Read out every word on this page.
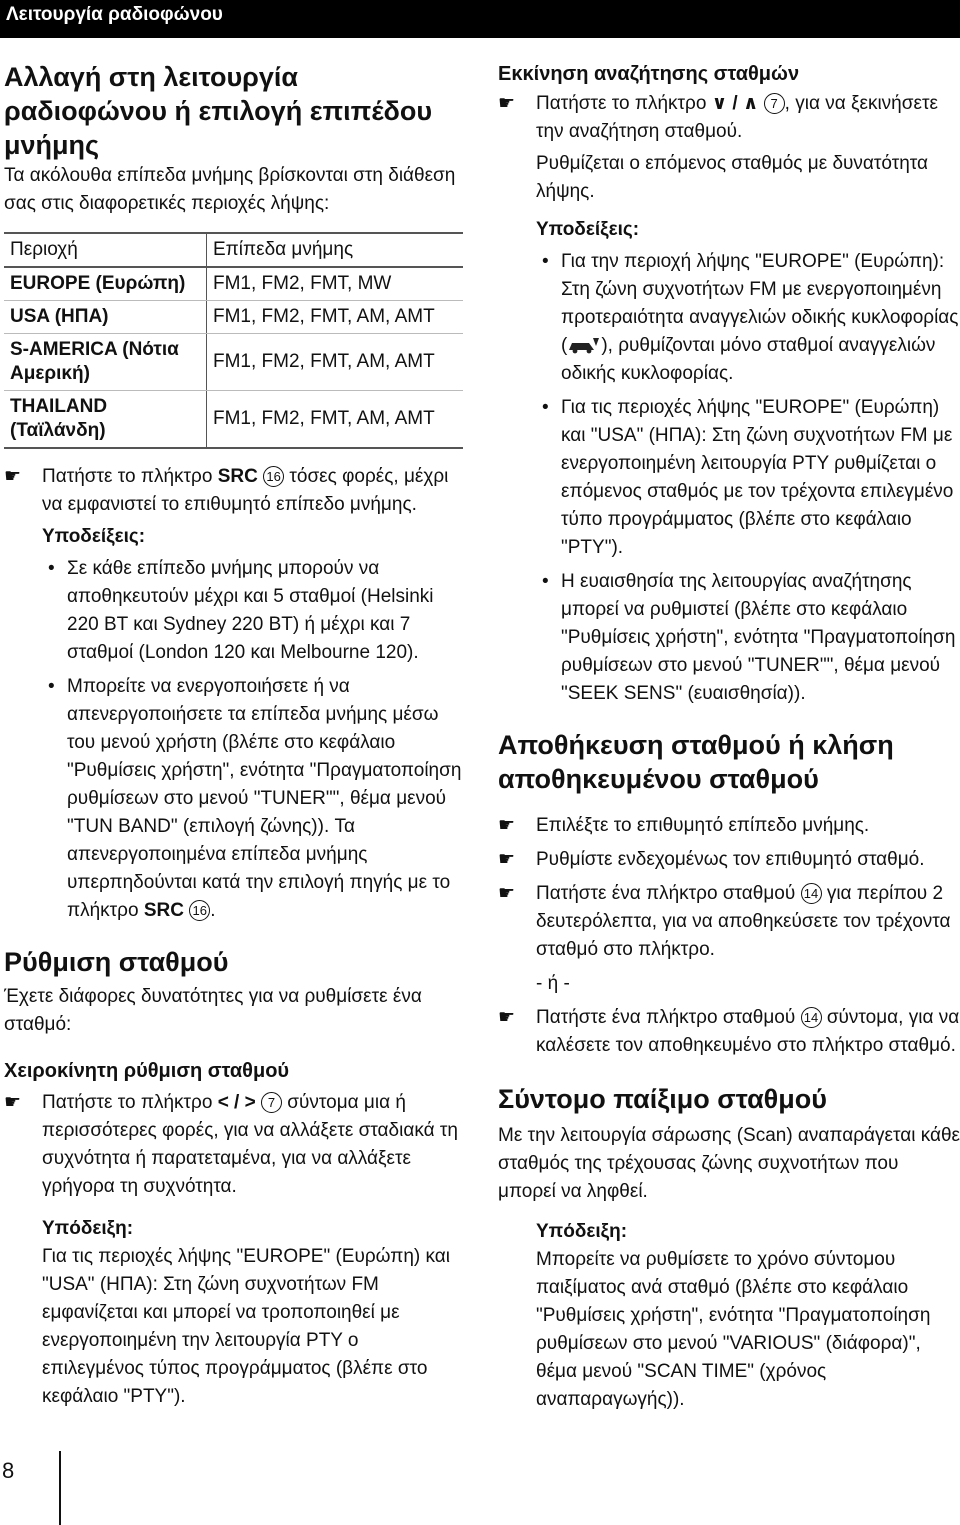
Λειτουργία ραδιοφώνου
Αλλαγή στη λειτουργία ραδιοφώνου ή επιλογή επιπέδου μνήμης

Τα ακόλουθα επίπεδα μνήμης βρίσκονται στη διάθεση σας στις διαφορετικές περιοχές λήψης:

Περιοχή	Επίπεδα μνήμης
EUROPE (Ευρώπη)	FM1, FM2, FMT, MW
USA (ΗΠΑ)	FM1, FM2, FMT, AM, AMT
S-AMERICA (Νότια Αμερική)	FM1, FM2, FMT, AM, AMT
THAILAND (Ταϊλάνδη)	FM1, FM2, FMT, AM, AMT
☛ Πατήστε το πλήκτρο SRC 16 τόσες φορές, μέχρι να εμφανιστεί το επιθυμητό επίπεδο μνήμης.

Υποδείξεις:

• Σε κάθε επίπεδο μνήμης μπορούν να αποθηκευτούν μέχρι και 5 σταθμοί (Helsinki 220 BT και Sydney 220 BT) ή μέχρι και 7 σταθμοί (London 120 και Melbourne 120).
• Μπορείτε να ενεργοποιήσετε ή να απενεργοποιήσετε τα επίπεδα μνήμης μέσω του μενού χρήστη (βλέπε στο κεφάλαιο "Ρυθμίσεις χρήστη", ενότητα "Πραγματοποίηση ρυθμίσεων στο μενού "TUNER"", θέμα μενού "TUN BAND" (επιλογή ζώνης)). Τα απενεργοποιημένα επίπεδα μνήμης υπερπηδούνται κατά την επιλογή πηγής με το πλήκτρο SRC 16 .
Ρύθμιση σταθμού

Έχετε διάφορες δυνατότητες για να ρυθμίσετε ένα σταθμό:

Χειροκίνητη ρύθμιση σταθμού
☛ Πατήστε το πλήκτρο < / > 7 σύντομα μια ή περισσότερες φορές, για να αλλάξετε σταδιακά τη συχνότητα ή παρατεταμένα, για να αλλάξετε γρήγορα τη συχνότητα.

Υπόδειξη:

Για τις περιοχές λήψης "EUROPE" (Ευρώπη) και "USA" (ΗΠΑ): Στη ζώνη συχνοτήτων FM εμφανίζεται και μπορεί να τροποποιηθεί με ενεργοποιημένη την λειτουργία PTY ο επιλεγμένος τύπος προγράμματος (βλέπε στο κεφάλαιο "PTY").

Εκκίνηση αναζήτησης σταθμών
☛ Πατήστε το πλήκτρο ∨ / ∧ 7 , για να ξεκινήσετε την αναζήτηση σταθμού.

Ρυθμίζεται ο επόμενος σταθμός με δυνατότητα λήψης.

Υποδείξεις:

• Για την περιοχή λήψης "EUROPE" (Ευρώπη): Στη ζώνη συχνοτήτων FM με ενεργοποιημένη προτεραιότητα αναγγελιών οδικής κυκλοφορίας ( ), ρυθμίζονται μόνο σταθμοί αναγγελιών οδικής κυκλοφορίας.
• Για τις περιοχές λήψης "EUROPE" (Ευρώπη) και "USA" (ΗΠΑ): Στη ζώνη συχνοτήτων FM με ενεργοποιημένη λειτουργία PTY ρυθμίζεται ο επόμενος σταθμός με τον τρέχοντα επιλεγμένο τύπο προγράμματος (βλέπε στο κεφάλαιο "PTY").
• Η ευαισθησία της λειτουργίας αναζήτησης μπορεί να ρυθμιστεί (βλέπε στο κεφάλαιο "Ρυθμίσεις χρήστη", ενότητα "Πραγματοποίηση ρυθμίσεων στο μενού "TUNER"", θέμα μενού "SEEK SENS" (ευαισθησία)).
Αποθήκευση σταθμού ή κλήση αποθηκευμένου σταθμού
☛ Επιλέξτε το επιθυμητό επίπεδο μνήμης.
☛ Ρυθμίστε ενδεχομένως τον επιθυμητό σταθμό.
☛ Πατήστε ένα πλήκτρο σταθμού 14 για περίπου 2 δευτερόλεπτα, για να αποθηκεύσετε τον τρέχοντα σταθμό στο πλήκτρο.

- ή -

☛ Πατήστε ένα πλήκτρο σταθμού 14 σύντομα, για να καλέσετε τον αποθηκευμένο στο πλήκτρο σταθμό.
Σύντομο παίξιμο σταθμού

Με την λειτουργία σάρωσης (Scan) αναπαράγεται κάθε σταθμός της τρέχουσας ζώνης συχνοτήτων που μπορεί να ληφθεί.

Υπόδειξη:

Μπορείτε να ρυθμίσετε το χρόνο σύντομου παιξίματος ανά σταθμό (βλέπε στο κεφάλαιο "Ρυθμίσεις χρήστη", ενότητα "Πραγματοποίηση ρυθμίσεων στο μενού "VARIOUS" (διάφορα)", θέμα μενού "SCAN TIME" (χρόνος αναπαραγωγής)).

8
